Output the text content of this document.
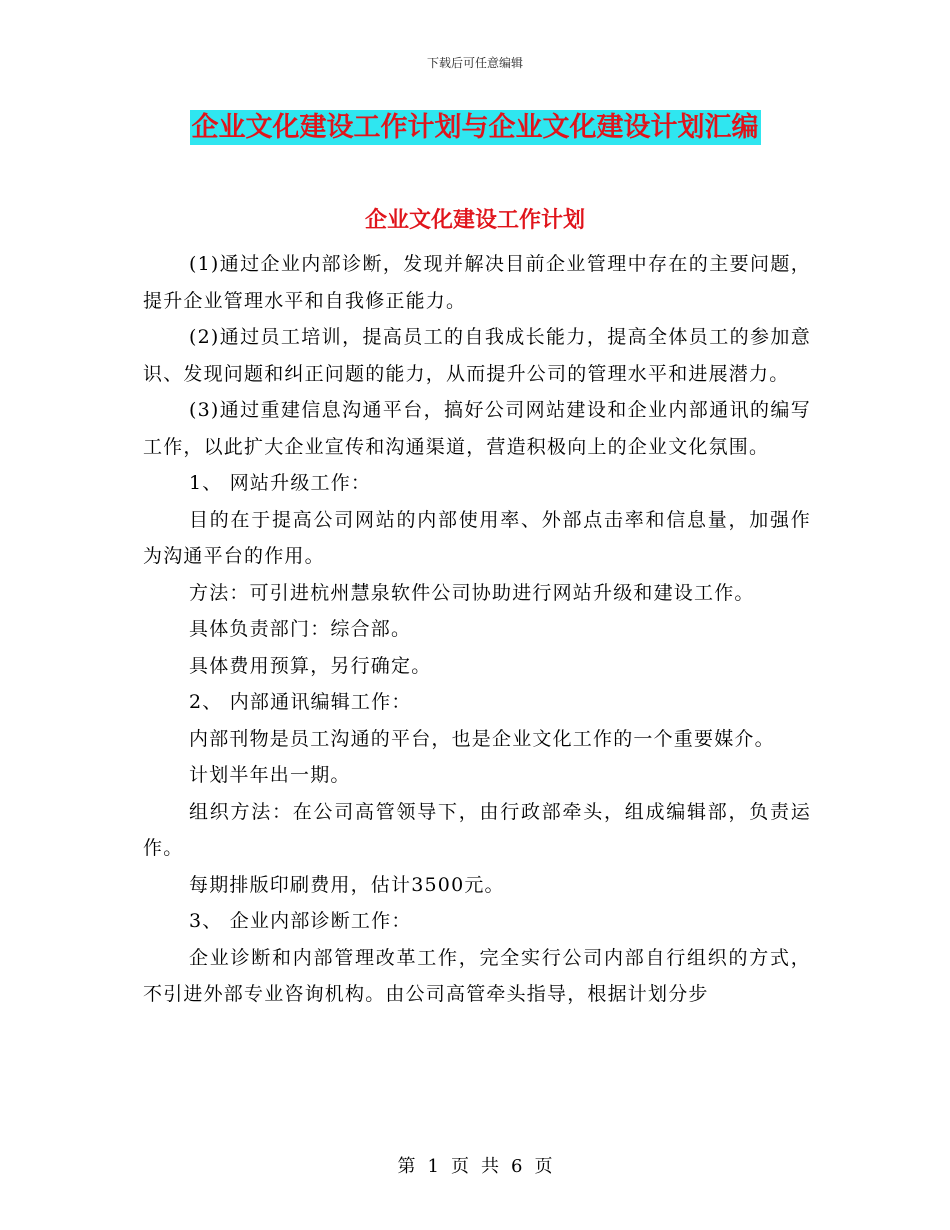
下载后可任意编辑
企业文化建设工作计划与企业文化建设计划汇编
企业文化建设工作计划

(1)通过企业内部诊断，发现并解决目前企业管理中存在的主要问题，提升企业管理水平和自我修正能力。

(2)通过员工培训，提高员工的自我成长能力，提高全体员工的参加意识、发现问题和纠正问题的能力，从而提升公司的管理水平和进展潜力。

(3)通过重建信息沟通平台，搞好公司网站建设和企业内部通讯的编写工作，以此扩大企业宣传和沟通渠道，营造积极向上的企业文化氛围。

1、 网站升级工作：

目的在于提高公司网站的内部使用率、外部点击率和信息量，加强作为沟通平台的作用。

方法：可引进杭州慧泉软件公司协助进行网站升级和建设工作。

具体负责部门：综合部。

具体费用预算，另行确定。

2、 内部通讯编辑工作：

内部刊物是员工沟通的平台，也是企业文化工作的一个重要媒介。

计划半年出一期。

组织方法：在公司高管领导下，由行政部牵头，组成编辑部，负责运作。

每期排版印刷费用，估计3500元。

3、 企业内部诊断工作：

企业诊断和内部管理改革工作，完全实行公司内部自行组织的方式，不引进外部专业咨询机构。由公司高管牵头指导，根据计划分步

第 1 页 共 6 页
